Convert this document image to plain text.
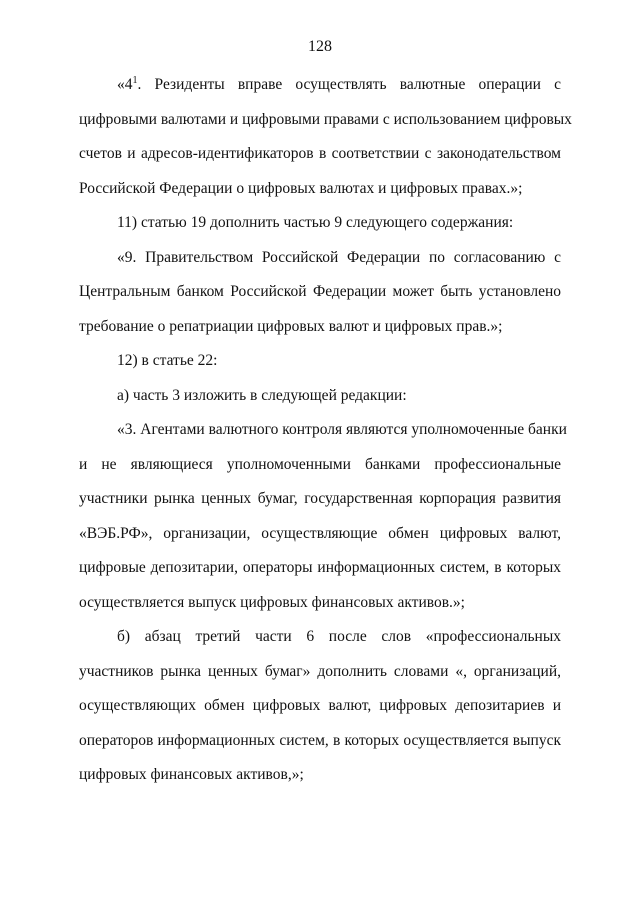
128
«$4^1$. Резиденты вправе осуществлять валютные операции с
цифровыми валютами и цифровыми правами с использованием цифровых
счетов и адресов-идентификаторов в соответствии с законодательством
Российской Федерации о цифровых валютах и цифровых правах.»;
11) статью 19 дополнить частью 9 следующего содержания:
«9. Правительством Российской Федерации по согласованию с
Центральным банком Российской Федерации может быть установлено
требование о репатриации цифровых валют и цифровых прав.»;
12) в статье 22:
а) часть 3 изложить в следующей редакции:
«3. Агентами валютного контроля являются уполномоченные банки
и не являющиеся уполномоченными банками профессиональные
участники рынка ценных бумаг, государственная корпорация развития
«ВЭБ.РФ», организации, осуществляющие обмен цифровых валют,
цифровые депозитарии, операторы информационных систем, в которых
осуществляется выпуск цифровых финансовых активов.»;
б) абзац третий части 6 после слов «профессиональных
участников рынка ценных бумаг» дополнить словами «, организаций,
осуществляющих обмен цифровых валют, цифровых депозитариев и
операторов информационных систем, в которых осуществляется выпуск
цифровых финансовых активов,»;
